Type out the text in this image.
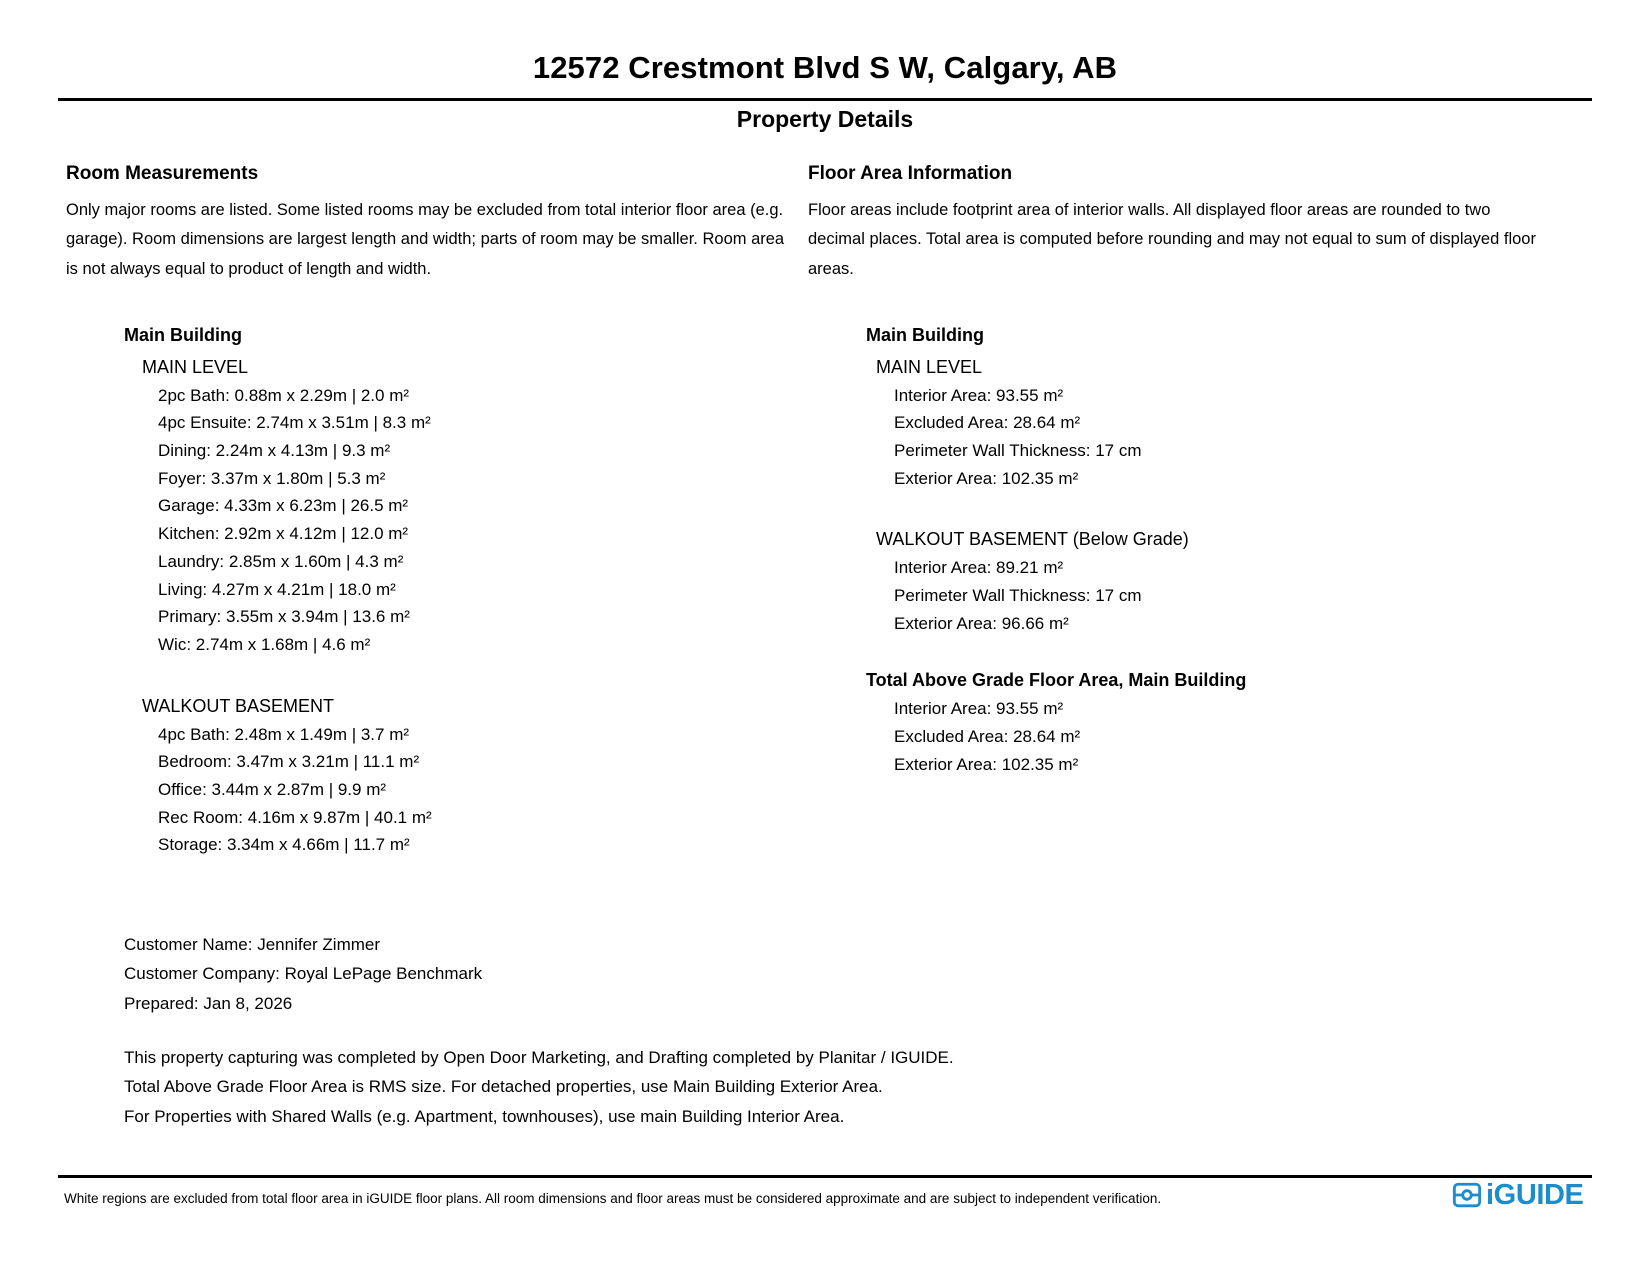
12572 Crestmont Blvd S W, Calgary, AB
Property Details
Room Measurements

Only major rooms are listed. Some listed rooms may be excluded from total interior floor area (e.g. garage). Room dimensions are largest length and width; parts of room may be smaller. Room area is not always equal to product of length and width.

Main Building
MAIN LEVEL
2pc Bath: 0.88m x 2.29m | 2.0 m²
4pc Ensuite: 2.74m x 3.51m | 8.3 m²
Dining: 2.24m x 4.13m | 9.3 m²
Foyer: 3.37m x 1.80m | 5.3 m²
Garage: 4.33m x 6.23m | 26.5 m²
Kitchen: 2.92m x 4.12m | 12.0 m²
Laundry: 2.85m x 1.60m | 4.3 m²
Living: 4.27m x 4.21m | 18.0 m²
Primary: 3.55m x 3.94m | 13.6 m²
Wic: 2.74m x 1.68m | 4.6 m²
WALKOUT BASEMENT
4pc Bath: 2.48m x 1.49m | 3.7 m²
Bedroom: 3.47m x 3.21m | 11.1 m²
Office: 3.44m x 2.87m | 9.9 m²
Rec Room: 4.16m x 9.87m | 40.1 m²
Storage: 3.34m x 4.66m | 11.7 m²
Floor Area Information

Floor areas include footprint area of interior walls. All displayed floor areas are rounded to two decimal places. Total area is computed before rounding and may not equal to sum of displayed floor areas.

Main Building
MAIN LEVEL
Interior Area: 93.55 m²
Excluded Area: 28.64 m²
Perimeter Wall Thickness: 17 cm
Exterior Area: 102.35 m²
WALKOUT BASEMENT (Below Grade)
Interior Area: 89.21 m²
Perimeter Wall Thickness: 17 cm
Exterior Area: 96.66 m²
Total Above Grade Floor Area, Main Building
Interior Area: 93.55 m²
Excluded Area: 28.64 m²
Exterior Area: 102.35 m²
Customer Name: Jennifer Zimmer
Customer Company: Royal LePage Benchmark
Prepared: Jan 8, 2026
This property capturing was completed by Open Door Marketing, and Drafting completed by Planitar / IGUIDE.
Total Above Grade Floor Area is RMS size. For detached properties, use Main Building Exterior Area.
For Properties with Shared Walls (e.g. Apartment, townhouses), use main Building Interior Area.
White regions are excluded from total floor area in iGUIDE floor plans. All room dimensions and floor areas must be considered approximate and are subject to independent verification.	iGUIDE
